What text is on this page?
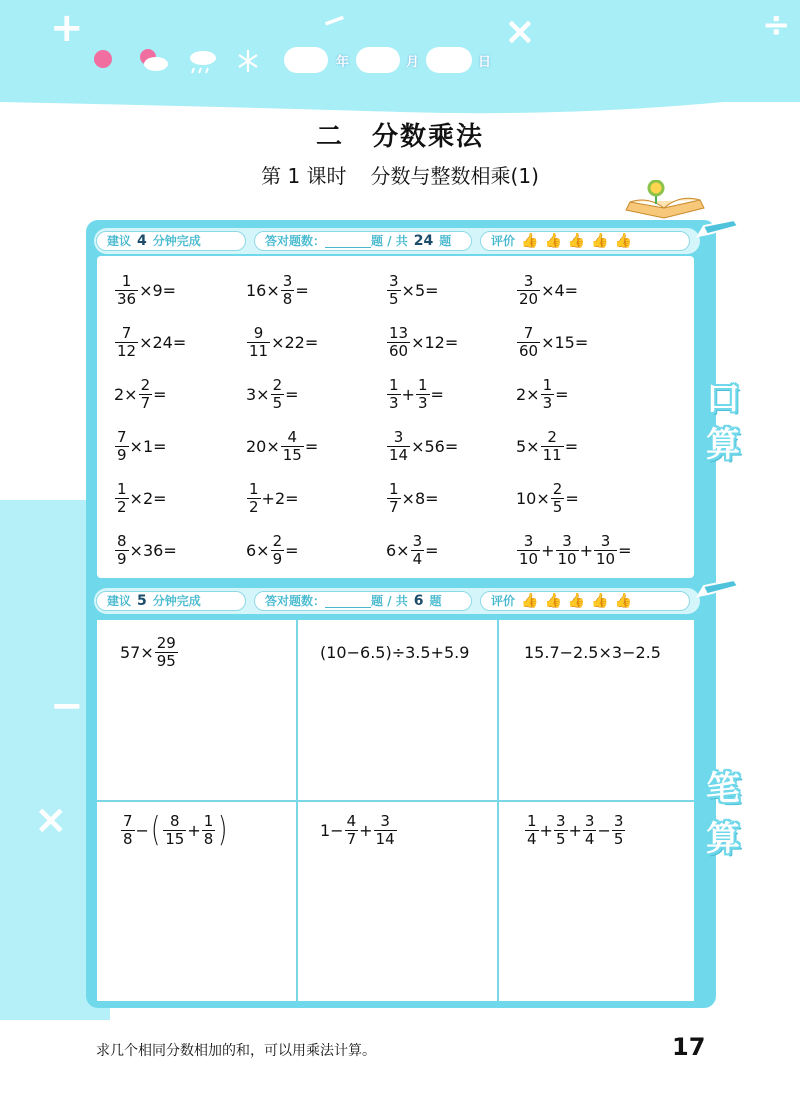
+	−	×	÷
−
×
年	月	日
二　分数乘法
第 1 课时 分数与整数相乘(1)
建议 4 分钟完成	答对题数：	题 / 共 24 题	评价 👍👍👍👍👍
$\frac{1}{36} \times 9=$	$16\times \frac{3}{8}$ =	$\frac{3}{5} \times 5=$	$\frac{3}{20} \times 4=$
$\frac{7}{12} \times 24=$	$\frac{9}{11} \times 22=$	$\frac{13}{60} \times 12=$	$\frac{7}{60} \times 15=$
$2\times \frac{2}{7}$ =	$3\times \frac{2}{5}$ =	$\frac{1}{3} + \frac{1}{3}$ =	$2\times \frac{1}{3}$ =
$\frac{7}{9} \times 1=$	$20\times \frac{4}{15}$ =	$\frac{3}{14} \times 56=$	$5\times \frac{2}{11}$ =
$\frac{1}{2} \times 2=$	$\frac{1}{2} +2=$	$\frac{1}{7} \times 8=$	$10\times \frac{2}{5}$ =
$\frac{8}{9} \times 36=$	$6\times \frac{2}{9}$ =	$6\times \frac{3}{4}$ =	$\frac{3}{10} + \frac{3}{10} + \frac{3}{10}$ =
口
算
建议 5 分钟完成	答对题数：	题 / 共 6 题	评价 👍👍👍👍👍
$57\times \frac{29}{95}$	(10−6.5)÷3.5+5.9	15.7−2.5×3−2.5
$\frac{7}{8}$ − ( $\frac{8}{15} + \frac{1}{8}$ )	$1- \frac{4}{7} + \frac{3}{14}$	$\frac{1}{4} + \frac{3}{5} + \frac{3}{4} - \frac{3}{5}$
笔
算
求几个相同分数相加的和，可以用乘法计算。	17
